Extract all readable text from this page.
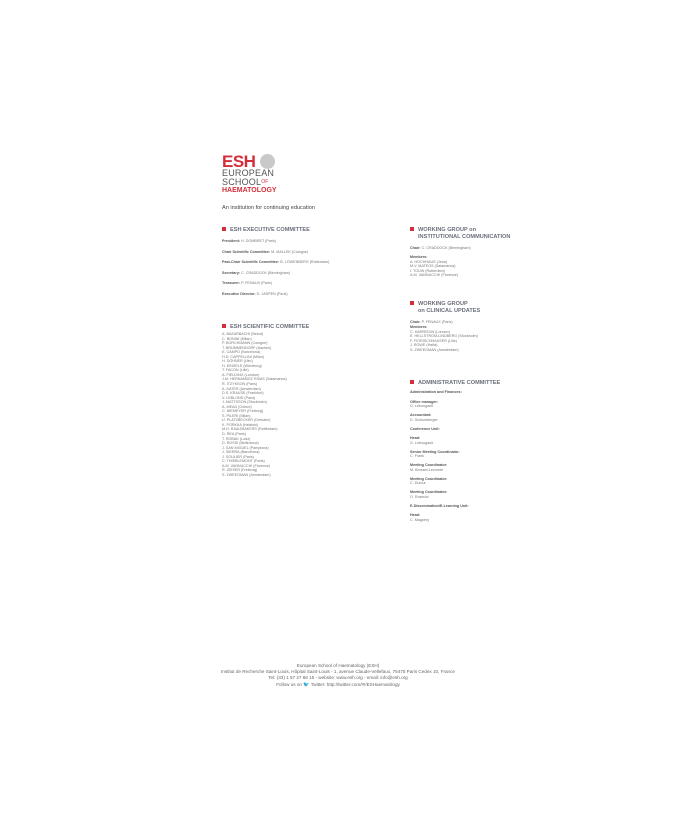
ESH
EUROPEAN
$SCHOOL^{OF}$
HAEMATOLOGY
An institution for continuing education
ESH EXECUTIVE COMMITTEE
President: H. DOMBRET (Paris)
Chair Scientific Committee: M. MALLEK (Cologne)
Past-Chair Scientific Committee: B. LÖWENBERG (Rotterdam)
Secretary: C. CRADDOCK (Birmingham)
Treasurer: P. FENAUX (Paris)
Executive Director: D. JASPEN (Paris)
ESH SCIENTIFIC COMMITTEE
A. BAZARBACHI (Beirut)
C. BONINI (Milan)
P. BORCHMANN (Cologne)
T. BRÜMMENDORF (Aachen)
E. CAMPO (Barcelona)
H.D. CAPPELLINI (Milan)
H. DÖHNER (Ulm)
H. EINSELE (Würzburg)
T. FACON (Lille)
A. FIELDING (London)
J.M. HERNANDEZ RIVAS (Salamanca)
R. ITZYKSON (Paris)
A. KATER (Amsterdam)
D.S. KRAUSE (Frankfurt)
V. LEBLOND (Paris)
J. MATTSSON (Stockholm)
A. MEAD (Oxford)
C. NIEMEYER (Freiburg)
S. PILERI (Milan)
U. PLATZBECKER (Dresden)
K. PORKKA (Helsinki)
M.H. RAAIJMAKERS (Rotterdam)
D. REA (Paris)
T. ROBAK (Lodz)
D. ROSSI (Bellinzona)
J. SAN MIGUEL (Pamplona)
J. SIERRA (Barcelona)
J. SOULIER (Paris)
C. THIEBLEMONT (Paris)
A.M. VANNUCCHI (Florence)
R. ZEISER (Freiburg)
S. ZWEEGMAN (Amsterdam)
WORKING GROUP on
INSTITUTIONAL COMMUNICATION
Chair: C. CRADDOCK (Birmingham)
Members:
A. HOCHHAUS (Jena)
M.V. MATEOS (Salamanca)
I. TOUW (Rotterdam)
A.M. VANNUCCHI (Florence)
WORKING GROUP
on CLINICAL UPDATES
Chair: P. FENAUX (Paris)
Members:
C. HARRISON (London)
E. HELLSTROM-LINDBERG (Stockholm)
F. FIORISCHHAUSER (Lille)
J. ROWE (Haifa)
S. ZWEEGMAN (Amsterdam)
ADMINISTRATIVE COMMITTEE
Administration and Finances:
Office manager:
G. Lebougault
Accountant:
D. Schlumberger
Conference Unit:
Head:
G. Lebougault
Senior Meeting Coordinator:
C. Frank
Meeting Coordinator:
M. Brosset-Lecomte
Meeting Coordinator:
C. Dufour
Meeting Coordinator:
O. Rosedol
E-Dissemination/E-Learning Unit:
Head:
C. Magoery
European School of Haematology (ESH)
Institut de Recherche Saint-Louis, Hôpital Saint-Louis - 1, avenue Claude-Vellefaux, 75475 Paris Cedex 10, France
Tel: (33) 1 57 27 68 15 - website: www.esh.org - email: info@esh.org
Follow us on 🐦 Twitter: http://twitter.com/#!/ESHaematology
